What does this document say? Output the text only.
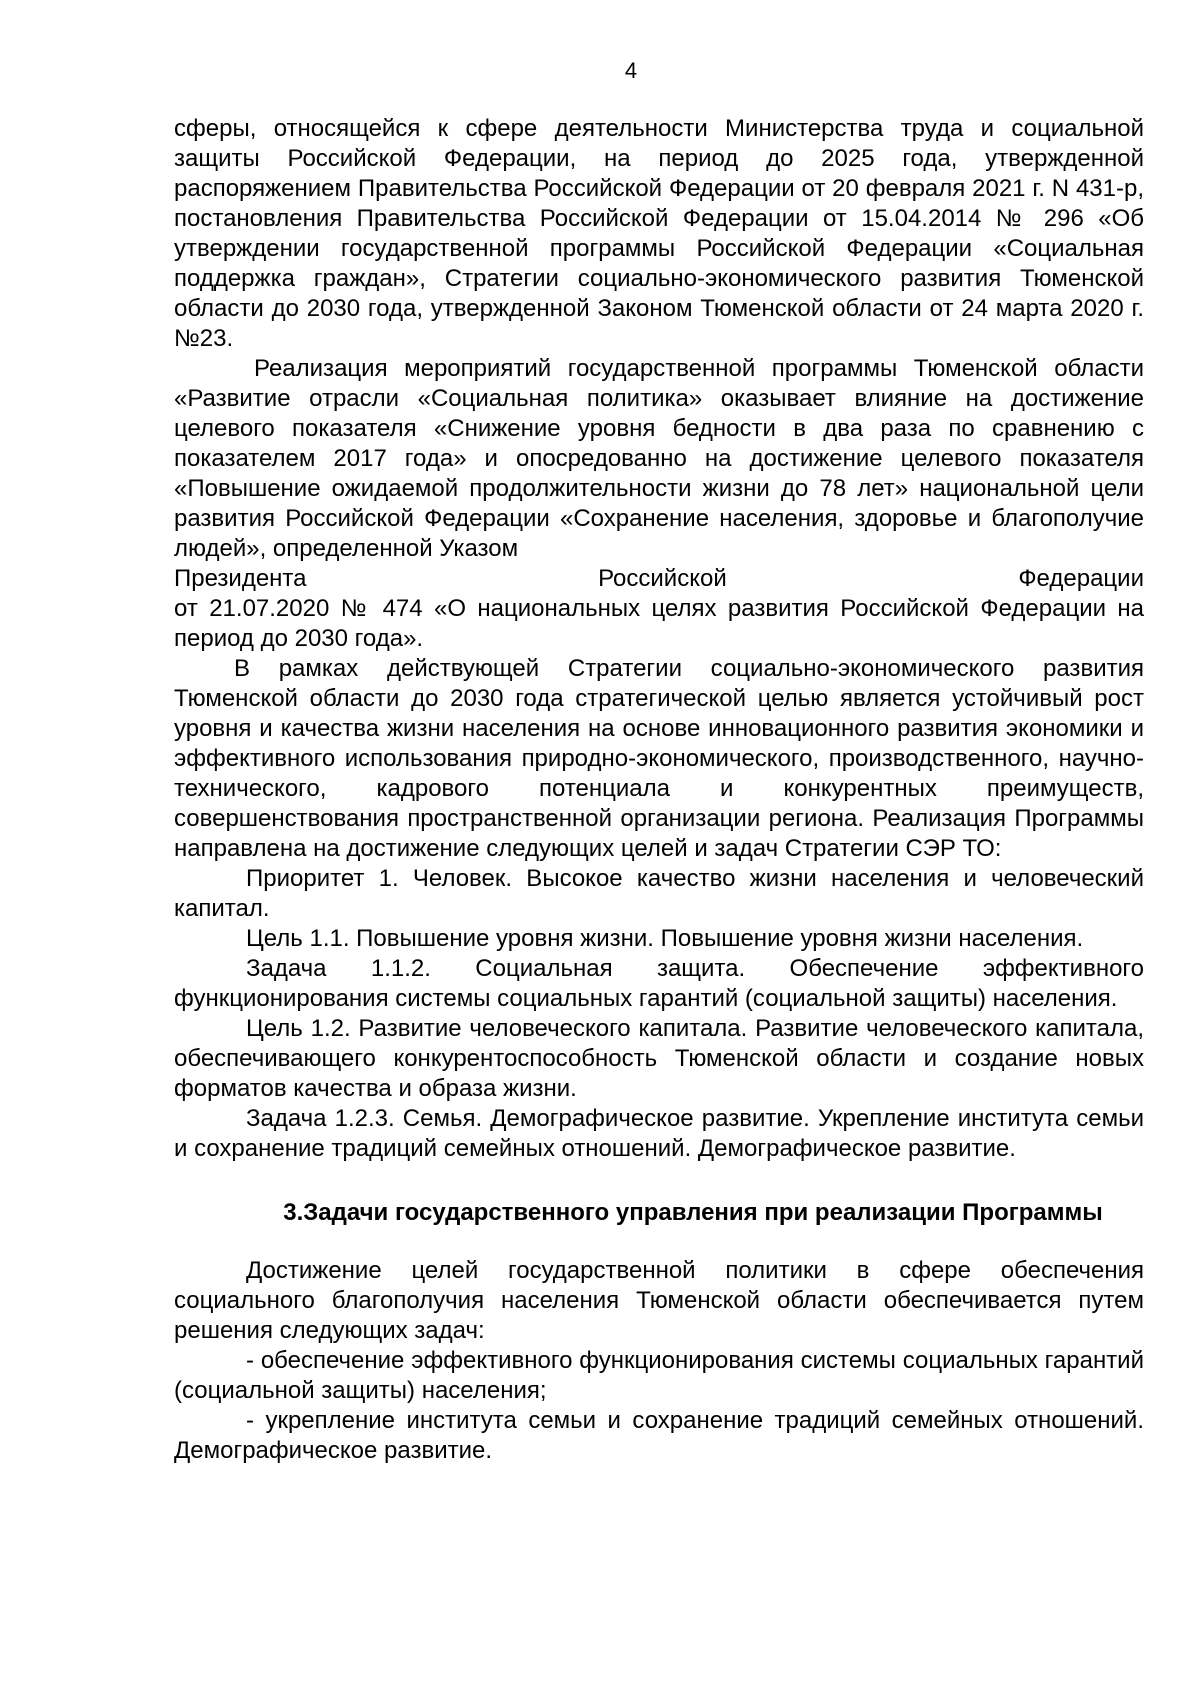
4

сферы, относящейся к сфере деятельности Министерства труда и социальной защиты Российской Федерации, на период до 2025 года, утвержденной распоряжением Правительства Российской Федерации от 20 февраля 2021 г. N 431-р, постановления Правительства Российской Федерации от 15.04.2014 № 296 «Об утверждении государственной программы Российской Федерации «Социальная поддержка граждан», Стратегии социально-экономического развития Тюменской области до 2030 года, утвержденной Законом Тюменской области от 24 марта 2020 г. №23.

Реализация мероприятий государственной программы Тюменской области «Развитие отрасли «Социальная политика» оказывает влияние на достижение целевого показателя «Снижение уровня бедности в два раза по сравнению с показателем 2017 года» и опосредованно на достижение целевого показателя «Повышение ожидаемой продолжительности жизни до 78 лет» национальной цели развития Российской Федерации «Сохранение населения, здоровье и благополучие людей», определенной Указом

Президента	Российской	Федерации

от 21.07.2020 № 474 «О национальных целях развития Российской Федерации на период до 2030 года».

В рамках действующей Стратегии социально-экономического развития Тюменской области до 2030 года стратегической целью является устойчивый рост уровня и качества жизни населения на основе инновационного развития экономики и эффективного использования природно-экономического, производственного, научно-технического, кадрового потенциала и конкурентных преимуществ, совершенствования пространственной организации региона. Реализация Программы направлена на достижение следующих целей и задач Стратегии СЭР ТО:

Приоритет 1. Человек. Высокое качество жизни населения и человеческий капитал.

Цель 1.1. Повышение уровня жизни. Повышение уровня жизни населения.

Задача 1.1.2. Социальная защита. Обеспечение эффективного функционирования системы социальных гарантий (социальной защиты) населения.

Цель 1.2. Развитие человеческого капитала. Развитие человеческого капитала, обеспечивающего конкурентоспособность Тюменской области и создание новых форматов качества и образа жизни.

Задача 1.2.3. Семья. Демографическое развитие. Укрепление института семьи и сохранение традиций семейных отношений. Демографическое развитие.

3.Задачи государственного управления при реализации Программы

Достижение целей государственной политики в сфере обеспечения социального благополучия населения Тюменской области обеспечивается путем решения следующих задач:

- обеспечение эффективного функционирования системы социальных гарантий (социальной защиты) населения;

- укрепление института семьи и сохранение традиций семейных отношений. Демографическое развитие.
